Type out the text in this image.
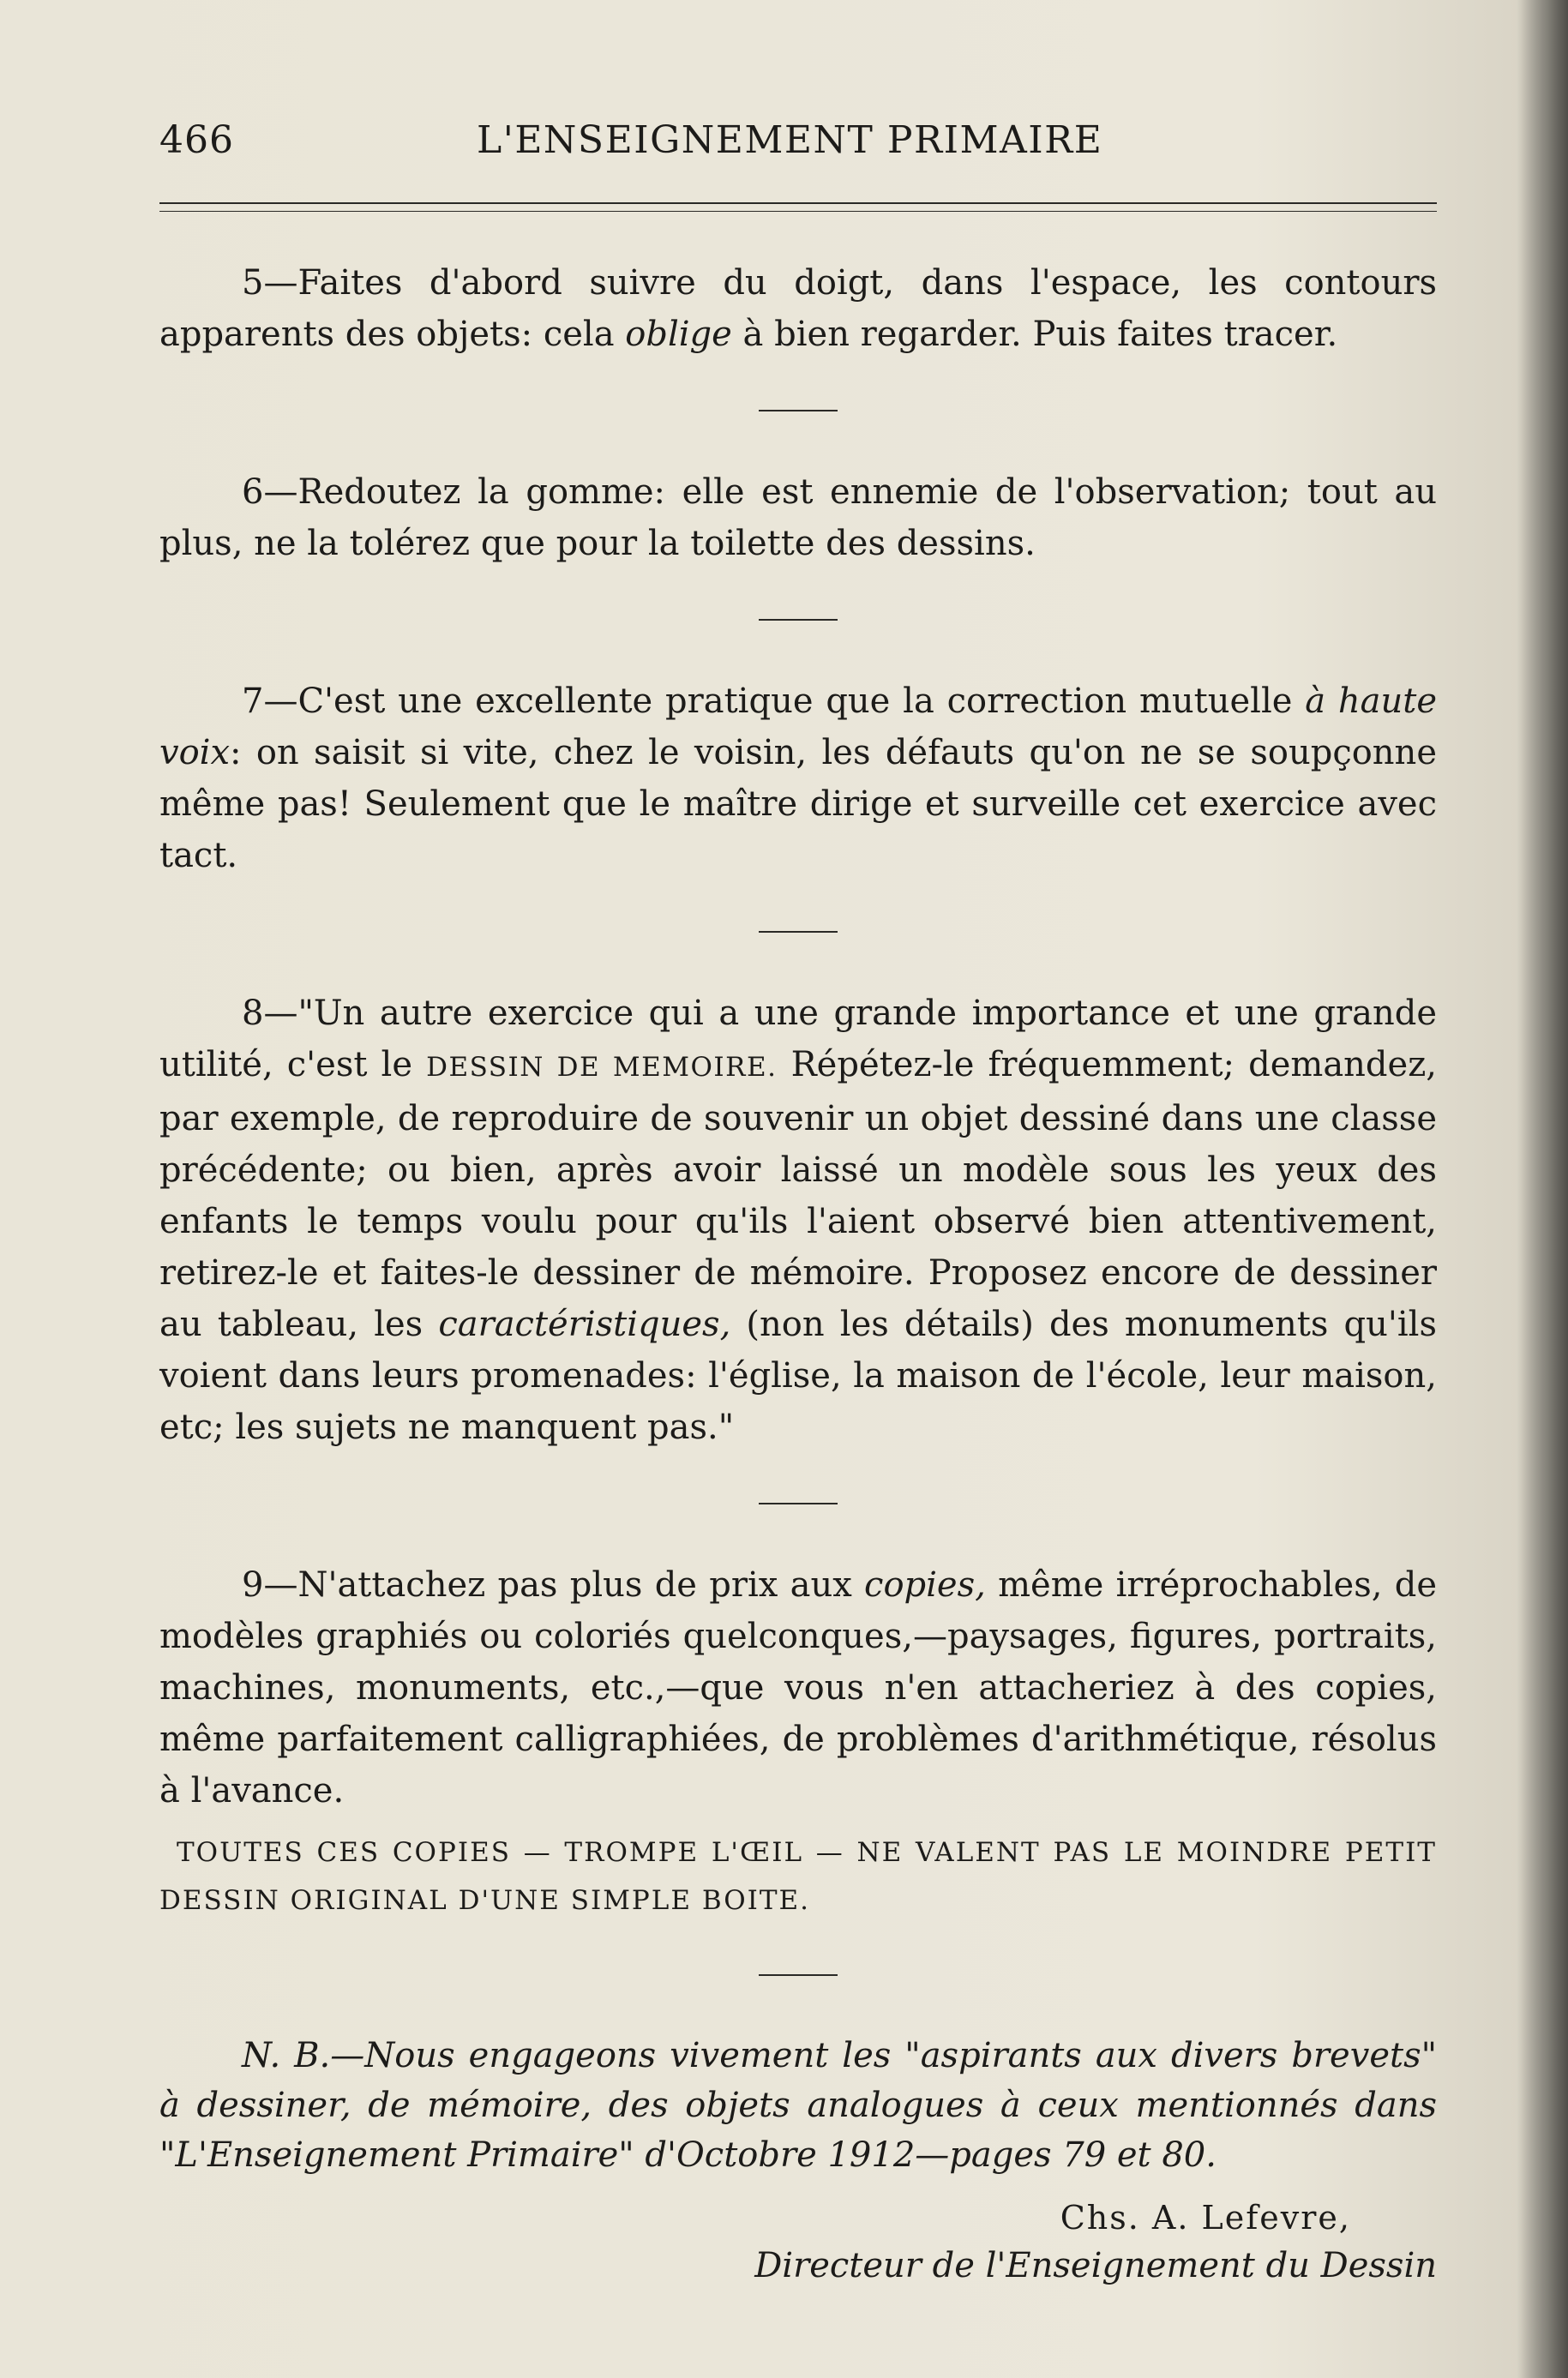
466	L'ENSEIGNEMENT PRIMAIRE

5—Faites d'abord suivre du doigt, dans l'espace, les contours apparents des objets: cela oblige à bien regarder. Puis faites tracer.

6—Redoutez la gomme: elle est ennemie de l'observation; tout au plus, ne la tolérez que pour la toilette des dessins.

7—C'est une excellente pratique que la correction mutuelle à haute voix: on saisit si vite, chez le voisin, les défauts qu'on ne se soupçonne même pas! Seulement que le maître dirige et surveille cet exercice avec tact.

8—"Un autre exercice qui a une grande importance et une grande utilité, c'est le DESSIN DE MEMOIRE. Répétez-le fréquemment; demandez, par exemple, de reproduire de souvenir un objet dessiné dans une classe précédente; ou bien, après avoir laissé un modèle sous les yeux des enfants le temps voulu pour qu'ils l'aient observé bien attentivement, retirez-le et faites-le dessiner de mémoire. Proposez encore de dessiner au tableau, les caractéristiques, (non les détails) des monuments qu'ils voient dans leurs promenades: l'église, la maison de l'école, leur maison, etc; les sujets ne manquent pas."

9—N'attachez pas plus de prix aux copies, même irréprochables, de modèles graphiés ou coloriés quelconques,—paysages, figures, portraits, machines, monuments, etc.,—que vous n'en attacheriez à des copies, même parfaitement calligraphiées, de problèmes d'arithmétique, résolus à l'avance.

TOUTES CES COPIES — TROMPE L'ŒIL — NE VALENT PAS LE MOINDRE PETIT DESSIN ORIGINAL D'UNE SIMPLE BOITE.

N. B.—Nous engageons vivement les "aspirants aux divers brevets" à dessiner, de mémoire, des objets analogues à ceux mentionnés dans "L'Enseignement Primaire" d'Octobre 1912—pages 79 et 80.

Chs. A. Lefevre,
Directeur de l'Enseignement du Dessin
